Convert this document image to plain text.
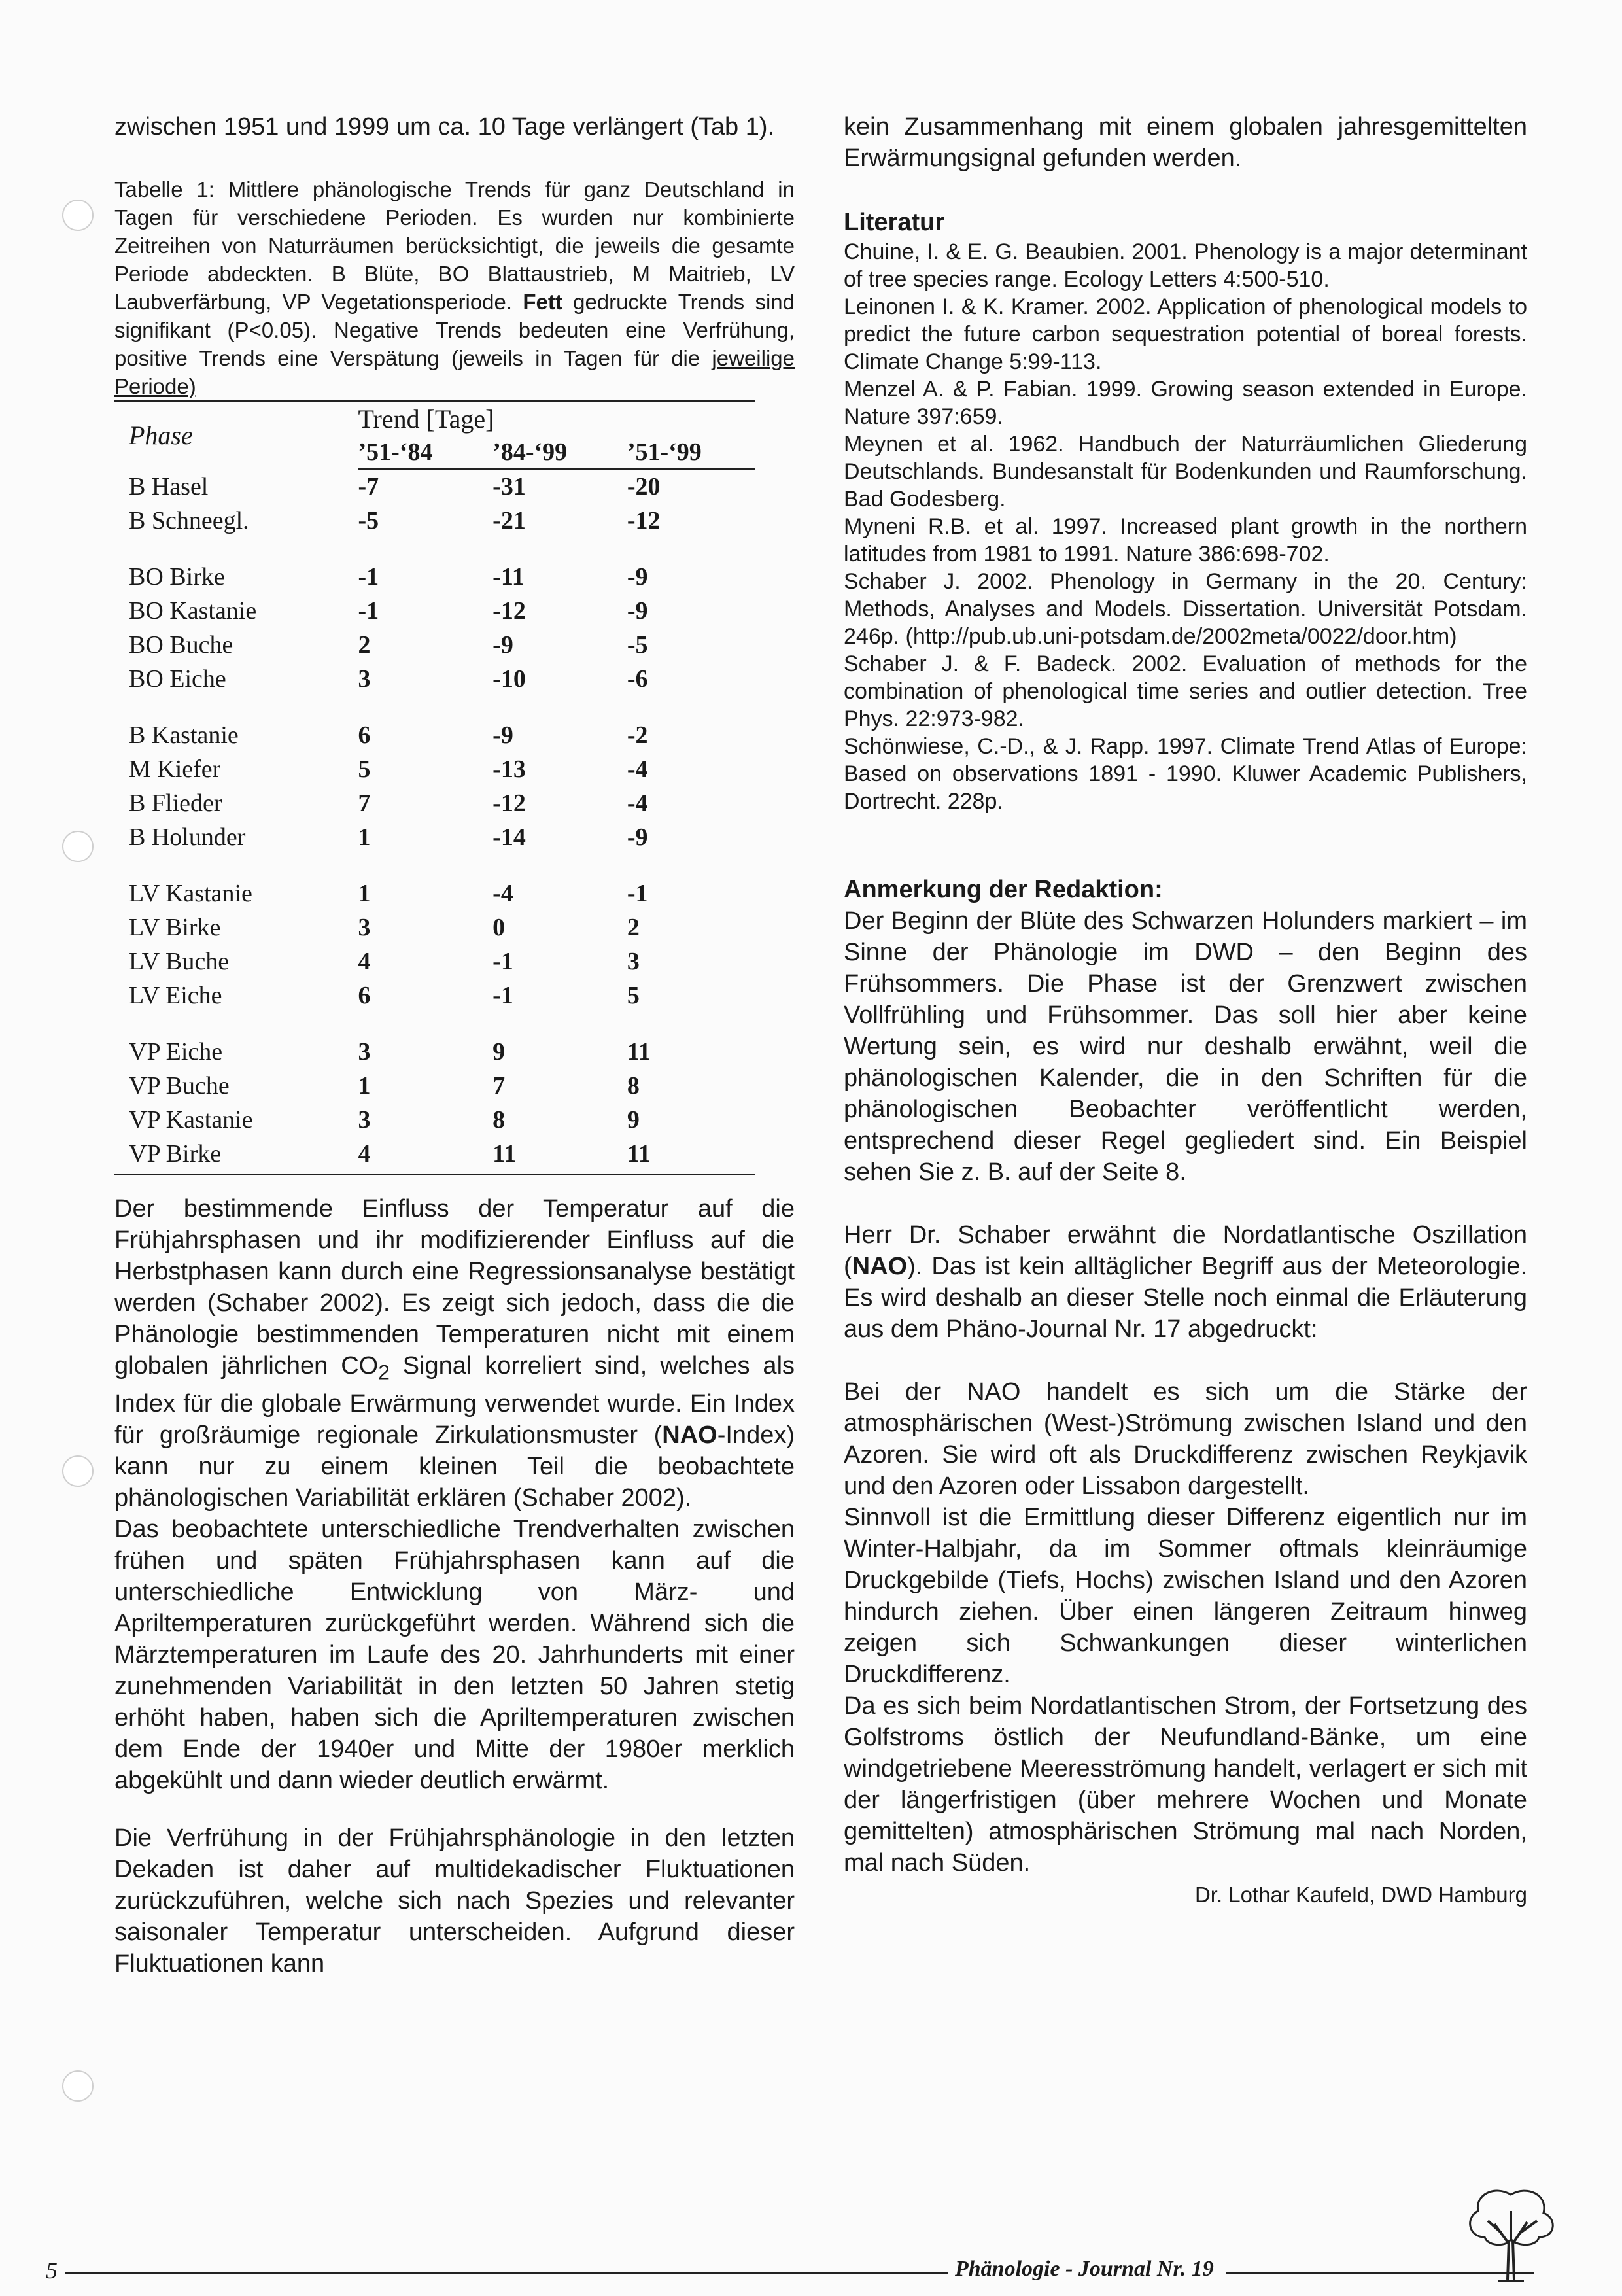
zwischen 1951 und 1999 um ca. 10 Tage verlängert (Tab 1).

Tabelle 1: Mittlere phänologische Trends für ganz Deutschland in Tagen für verschiedene Perioden. Es wurden nur kombinierte Zeitreihen von Naturräumen berücksichtigt, die jeweils die gesamte Periode abdeckten. B Blüte, BO Blattaustrieb, M Maitrieb, LV Laubverfärbung, VP Vegetationsperiode. Fett gedruckte Trends sind signifikant (P<0.05). Negative Trends bedeuten eine Verfrühung, positive Trends eine Verspätung (jeweils in Tagen für die jeweilige Periode)

Phase	Trend [Tage]		
	’51-‘84	’84-‘99	’51-‘99
B Hasel	-7	-31	-20
B Schneegl.	-5	-21	-12

BO Birke	-1	-11	-9
BO Kastanie	-1	-12	-9
BO Buche	2	-9	-5
BO Eiche	3	-10	-6

B Kastanie	6	-9	-2
M Kiefer	5	-13	-4
B Flieder	7	-12	-4
B Holunder	1	-14	-9

LV Kastanie	1	-4	-1
LV Birke	3	0	2
LV Buche	4	-1	3
LV Eiche	6	-1	5

VP Eiche	3	9	11
VP Buche	1	7	8
VP Kastanie	3	8	9
VP Birke	4	11	11

Der bestimmende Einfluss der Temperatur auf die Frühjahrsphasen und ihr modifizierender Einfluss auf die Herbstphasen kann durch eine Regressionsanalyse bestätigt werden (Schaber 2002). Es zeigt sich jedoch, dass die die Phänologie bestimmenden Temperaturen nicht mit einem globalen jährlichen $CO_2$ Signal korreliert sind, welches als Index für die globale Erwärmung verwendet wurde. Ein Index für großräumige regionale Zirkulationsmuster (NAO-Index) kann nur zu einem kleinen Teil die beobachtete phänologischen Variabilität erklären (Schaber 2002).

Das beobachtete unterschiedliche Trendverhalten zwischen frühen und späten Frühjahrsphasen kann auf die unterschiedliche Entwicklung von März- und Apriltemperaturen zurückgeführt werden. Während sich die Märztemperaturen im Laufe des 20. Jahrhunderts mit einer zunehmenden Variabilität in den letzten 50 Jahren stetig erhöht haben, haben sich die Apriltemperaturen zwischen dem Ende der 1940er und Mitte der 1980er merklich abgekühlt und dann wieder deutlich erwärmt.

Die Verfrühung in der Frühjahrsphänologie in den letzten Dekaden ist daher auf multidekadischer Fluktuationen zurückzuführen, welche sich nach Spezies und relevanter saisonaler Temperatur unterscheiden. Aufgrund dieser Fluktuationen kann

kein Zusammenhang mit einem globalen jahresgemittelten Erwärmungsignal gefunden werden.

Literatur

Chuine, I. & E. G. Beaubien. 2001. Phenology is a major determinant of tree species range. Ecology Letters 4:500-510.

Leinonen I. & K. Kramer. 2002. Application of phenological models to predict the future carbon sequestration potential of boreal forests. Climate Change 5:99-113.

Menzel A. & P. Fabian. 1999. Growing season extended in Europe. Nature 397:659.

Meynen et al. 1962. Handbuch der Naturräumlichen Gliederung Deutschlands. Bundesanstalt für Bodenkunden und Raumforschung. Bad Godesberg.

Myneni R.B. et al. 1997. Increased plant growth in the northern latitudes from 1981 to 1991. Nature 386:698-702.

Schaber J. 2002. Phenology in Germany in the 20. Century: Methods, Analyses and Models. Dissertation. Universität Potsdam. 246p. (http://pub.ub.uni-potsdam.de/2002meta/0022/door.htm)

Schaber J. & F. Badeck. 2002. Evaluation of methods for the combination of phenological time series and outlier detection. Tree Phys. 22:973-982.

Schönwiese, C.-D., & J. Rapp. 1997. Climate Trend Atlas of Europe: Based on observations 1891 - 1990. Kluwer Academic Publishers, Dortrecht. 228p.

Anmerkung der Redaktion:

Der Beginn der Blüte des Schwarzen Holunders markiert – im Sinne der Phänologie im DWD – den Beginn des Frühsommers. Die Phase ist der Grenzwert zwischen Vollfrühling und Frühsommer. Das soll hier aber keine Wertung sein, es wird nur deshalb erwähnt, weil die phänologischen Kalender, die in den Schriften für die phänologischen Beobachter veröffentlicht werden, entsprechend dieser Regel gegliedert sind. Ein Beispiel sehen Sie z. B. auf der Seite 8.

Herr Dr. Schaber erwähnt die Nordatlantische Oszillation (NAO). Das ist kein alltäglicher Begriff aus der Meteorologie. Es wird deshalb an dieser Stelle noch einmal die Erläuterung aus dem Phäno-Journal Nr. 17 abgedruckt:

Bei der NAO handelt es sich um die Stärke der atmosphärischen (West-)Strömung zwischen Island und den Azoren. Sie wird oft als Druckdifferenz zwischen Reykjavik und den Azoren oder Lissabon dargestellt.

Sinnvoll ist die Ermittlung dieser Differenz eigentlich nur im Winter-Halbjahr, da im Sommer oftmals kleinräumige Druckgebilde (Tiefs, Hochs) zwischen Island und den Azoren hindurch ziehen. Über einen längeren Zeitraum hinweg zeigen sich Schwankungen dieser winterlichen Druckdifferenz.

Da es sich beim Nordatlantischen Strom, der Fortsetzung des Golfstroms östlich der Neufundland-Bänke, um eine windgetriebene Meeresströmung handelt, verlagert er sich mit der längerfristigen (über mehrere Wochen und Monate gemittelten) atmosphärischen Strömung mal nach Norden, mal nach Süden.

Dr. Lothar Kaufeld, DWD Hamburg
5	Phänologie - Journal Nr. 19
